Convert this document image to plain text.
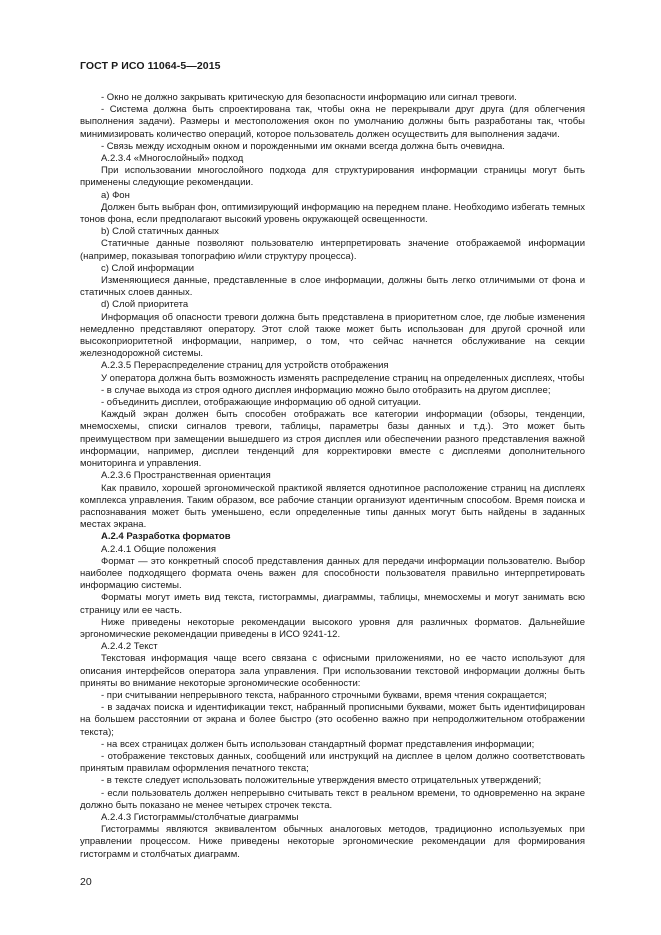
ГОСТ Р ИСО 11064-5—2015

- Окно не должно закрывать критическую для безопасности информацию или сигнал тревоги.

- Система должна быть спроектирована так, чтобы окна не перекрывали друг друга (для облегчения выполнения задачи). Размеры и местоположения окон по умолчанию должны быть разработаны так, чтобы минимизировать количество операций, которое пользователь должен осуществить для выполнения задачи.

- Связь между исходным окном и порожденными им окнами всегда должна быть очевидна.

А.2.3.4 «Многослойный» подход

При использовании многослойного подхода для структурирования информации страницы могут быть применены следующие рекомендации.

a) Фон

Должен быть выбран фон, оптимизирующий информацию на переднем плане. Необходимо избегать темных тонов фона, если предполагают высокий уровень окружающей освещенности.

b) Слой статичных данных

Статичные данные позволяют пользователю интерпретировать значение отображаемой информации (например, показывая топографию и/или структуру процесса).

c) Слой информации

Изменяющиеся данные, представленные в слое информации, должны быть легко отличимыми от фона и статичных слоев данных.

d) Слой приоритета

Информация об опасности тревоги должна быть представлена в приоритетном слое, где любые изменения немедленно представляют оператору. Этот слой также может быть использован для другой срочной или высокоприоритетной информации, например, о том, что сейчас начнется обслуживание на секции железнодорожной системы.

А.2.3.5 Перераспределение страниц для устройств отображения

У оператора должна быть возможность изменять распределение страниц на определенных дисплеях, чтобы

- в случае выхода из строя одного дисплея информацию можно было отобразить на другом дисплее;

- объединить дисплеи, отображающие информацию об одной ситуации.

Каждый экран должен быть способен отображать все категории информации (обзоры, тенденции, мнемосхемы, списки сигналов тревоги, таблицы, параметры базы данных и т.д.). Это может быть преимуществом при замещении вышедшего из строя дисплея или обеспечении разного представления важной информации, например, дисплеи тенденций для корректировки вместе с дисплеями дополнительного мониторинга и управления.

А.2.3.6 Пространственная ориентация

Как правило, хорошей эргономической практикой является однотипное расположение страниц на дисплеях комплекса управления. Таким образом, все рабочие станции организуют идентичным способом. Время поиска и распознавания может быть уменьшено, если определенные типы данных могут быть найдены в заданных местах экрана.

А.2.4 Разработка форматов

А.2.4.1 Общие положения

Формат — это конкретный способ представления данных для передачи информации пользователю. Выбор наиболее подходящего формата очень важен для способности пользователя правильно интерпретировать информацию системы.

Форматы могут иметь вид текста, гистограммы, диаграммы, таблицы, мнемосхемы и могут занимать всю страницу или ее часть.

Ниже приведены некоторые рекомендации высокого уровня для различных форматов. Дальнейшие эргономические рекомендации приведены в ИСО 9241-12.

А.2.4.2 Текст

Текстовая информация чаще всего связана с офисными приложениями, но ее часто используют для описания интерфейсов оператора зала управления. При использовании текстовой информации должны быть приняты во внимание некоторые эргономические особенности:

- при считывании непрерывного текста, набранного строчными буквами, время чтения сокращается;

- в задачах поиска и идентификации текст, набранный прописными буквами, может быть идентифицирован на большем расстоянии от экрана и более быстро (это особенно важно при непродолжительном отображении текста);

- на всех страницах должен быть использован стандартный формат представления информации;

- отображение текстовых данных, сообщений или инструкций на дисплее в целом должно соответствовать принятым правилам оформления печатного текста;

- в тексте следует использовать положительные утверждения вместо отрицательных утверждений;

- если пользователь должен непрерывно считывать текст в реальном времени, то одновременно на экране должно быть показано не менее четырех строчек текста.

А.2.4.3 Гистограммы/столбчатые диаграммы

Гистограммы являются эквивалентом обычных аналоговых методов, традиционно используемых при управлении процессом. Ниже приведены некоторые эргономические рекомендации для формирования гистограмм и столбчатых диаграмм.

20
